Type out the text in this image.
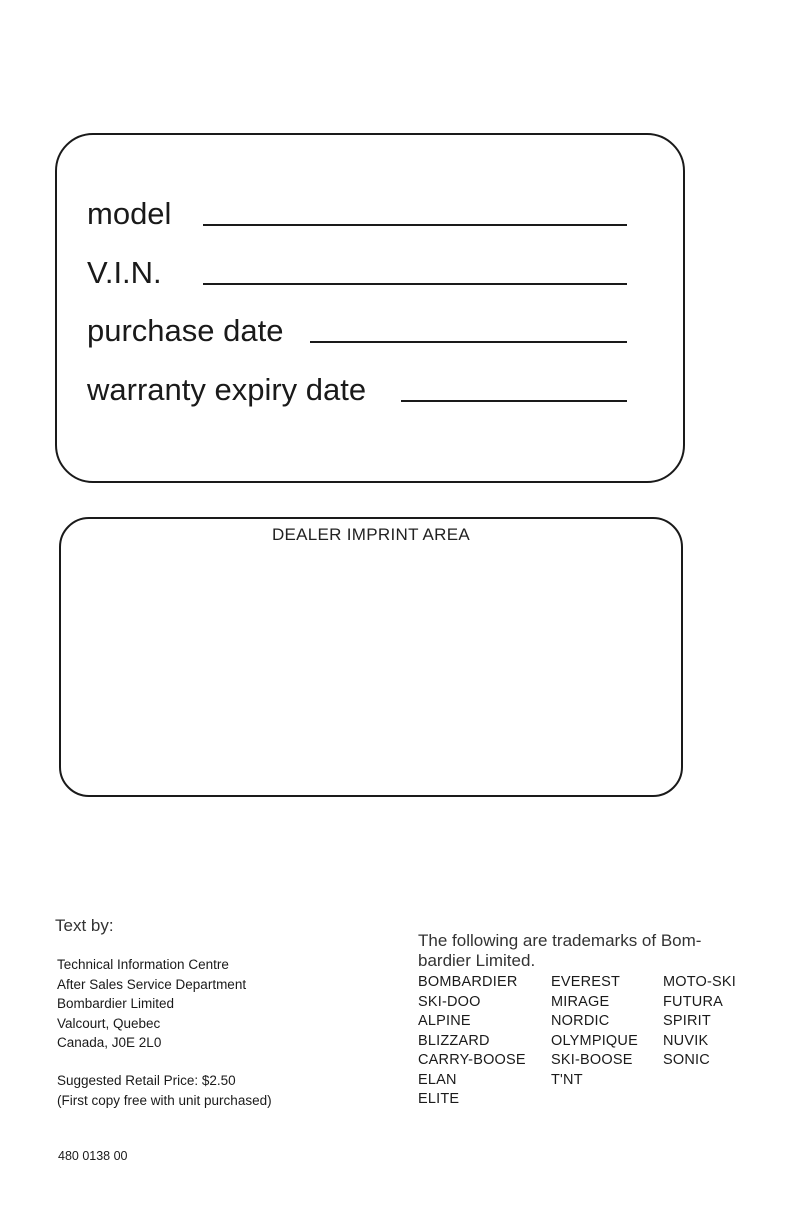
model
V.I.N.
purchase date
warranty expiry date
DEALER IMPRINT AREA
Text by:
Technical Information Centre
After Sales Service Department
Bombardier Limited
Valcourt, Quebec
Canada, J0E 2L0
Suggested Retail Price: $2.50
(First copy free with unit purchased)
480 0138 00
The following are trademarks of Bom-
bardier Limited.
BOMBARDIER	EVEREST	MOTO-SKI
SKI-DOO	MIRAGE	FUTURA
ALPINE	NORDIC	SPIRIT
BLIZZARD	OLYMPIQUE	NUVIK
CARRY-BOOSE	SKI-BOOSE	SONIC
ELAN	T'NT
ELITE
